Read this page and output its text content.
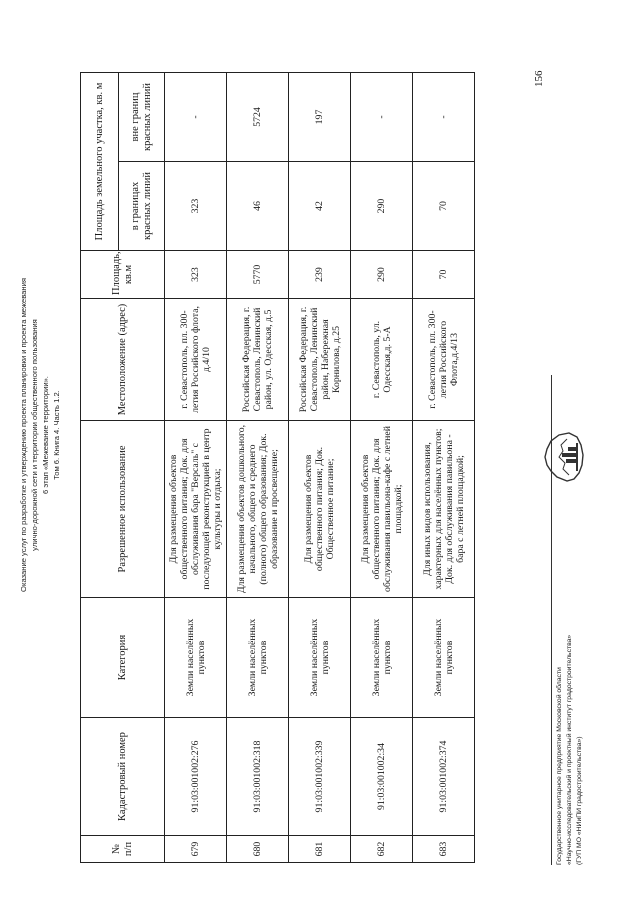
Оказание услуг по разработке и утверждению проекта планировки и проекта межевания улично-дорожной сети и территории общественного пользования 6 этап «Межевание территории». Том 6. Книга 4. Часть 1.2.
156
№ п/п	Кадастровый номер	Категория	Разрешенное использование	Местоположение (адрес)	Площадь, кв.м	Площадь земельного участка, кв. м	
						в границах красных линий	вне границ красных линий
679	91:03:001002:276	Земли населённых пунктов	Для размещения объектов общественного питания; Док. для обслуживания бара "Версаль" с последующей реконструкцией в центр культуры и отдыха;	г. Севастополь, пл. 300-летия Российского флота, д.4/10	323	323	-
680	91:03:001002:318	Земли населённых пунктов	Для размещения объектов дошкольного, начального, общего и среднего (полного) общего образования; Док. образование и просвещение;	Российская Федерация, г. Севастополь, Ленинский район, ул. Одесская, д.5	5770	46	5724
681	91:03:001002:339	Земли населённых пунктов	Для размещения объектов общественного питания; Док. Общественное питание;	Российская Федерация, г. Севастополь, Ленинский район, Набережная Корнилова, д.25	239	42	197
682	91:03:001002:34	Земли населённых пунктов	Для размещения объектов общественного питания; Док. для обслуживания павильона-кафе с летней площадкой;	г. Севастополь, ул. Одесская,д. 5-А	290	290	-
683	91:03:001002:374	Земли населённых пунктов	Для иных видов использования, характерных для населённых пунктов; Док. для обслуживания павильона - бара с летней площадкой;	г. Севастополь, пл. 300-летия Российского Флота,д.4/13	70	70	-
Государственное унитарное предприятие Московской области «Научно-исследовательский и проектный институт градостроительства» (ГУП МО «НИиПИ градостроительства»)
